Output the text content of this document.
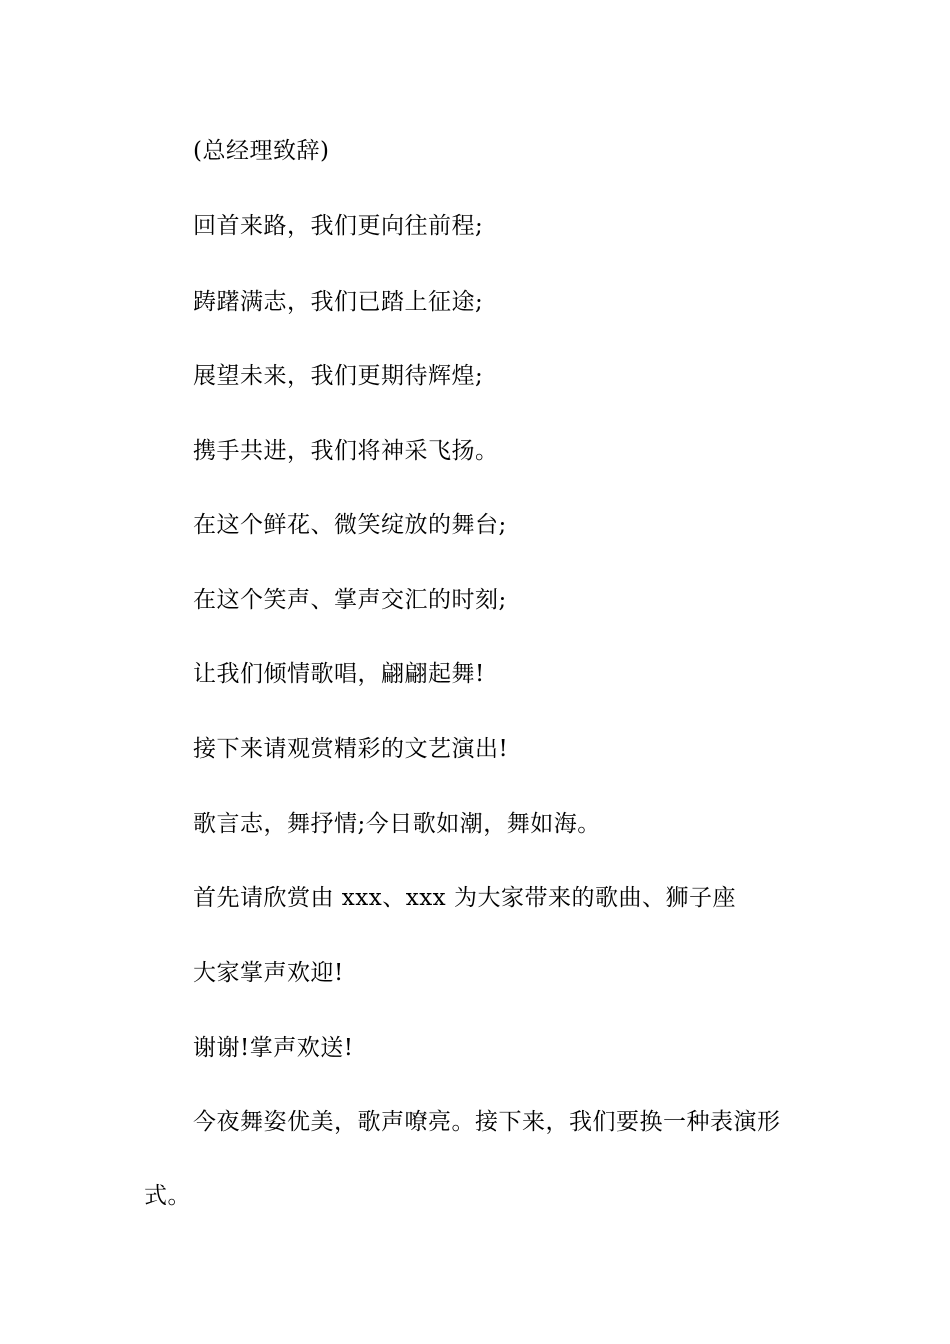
(总经理致辞)
回首来路，我们更向往前程;
踌躇满志，我们已踏上征途;
展望未来，我们更期待辉煌;
携手共进，我们将神采飞扬。
在这个鲜花、微笑绽放的舞台;
在这个笑声、掌声交汇的时刻;
让我们倾情歌唱，翩翩起舞!
接下来请观赏精彩的文艺演出!
歌言志，舞抒情;今日歌如潮，舞如海。
首先请欣赏由 xxx、xxx 为大家带来的歌曲、狮子座
大家掌声欢迎!
谢谢!掌声欢送!
今夜舞姿优美，歌声嘹亮。接下来，我们要换一种表演形
式。
